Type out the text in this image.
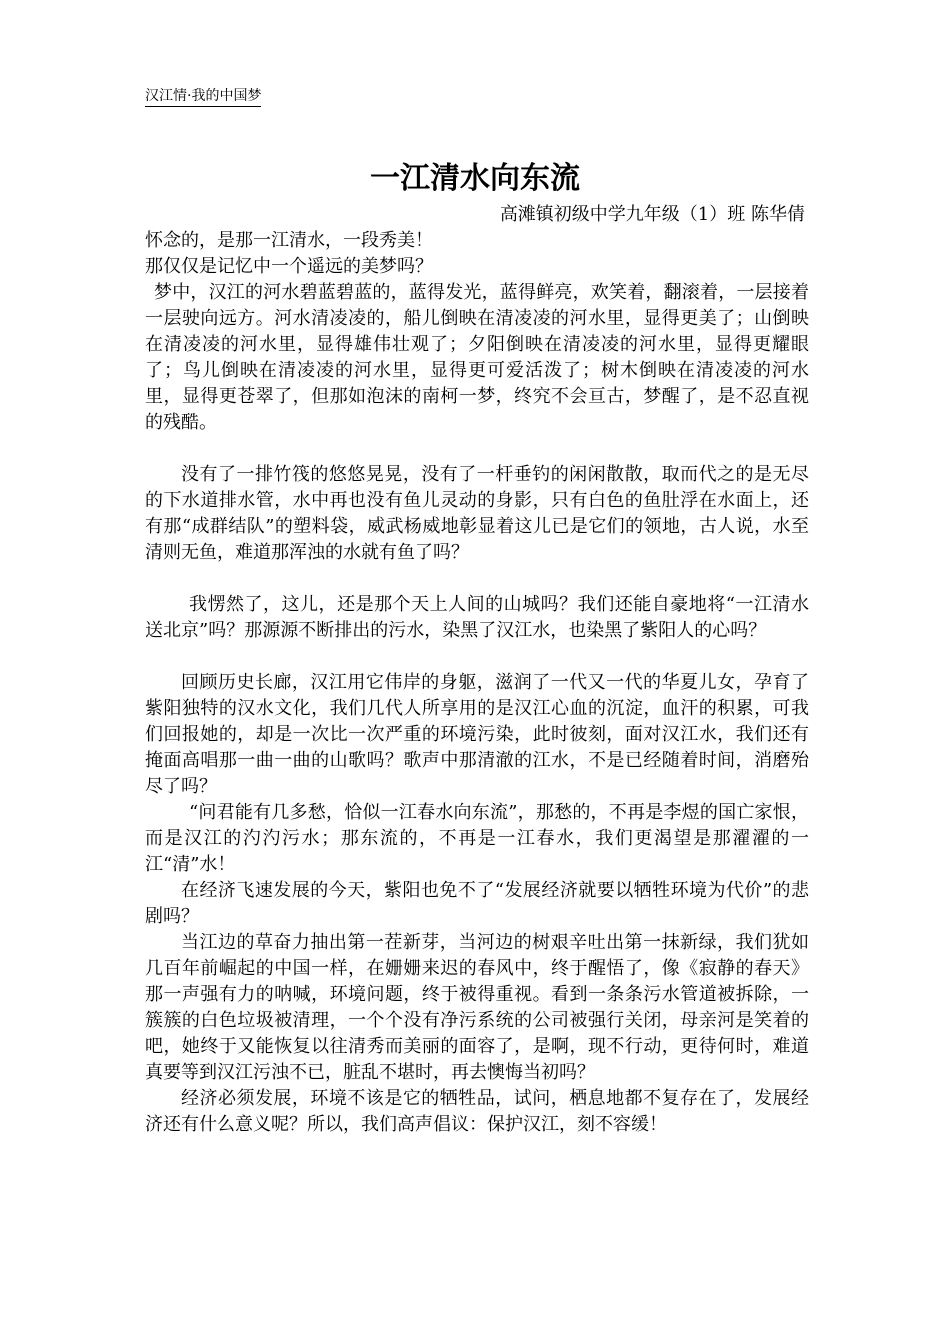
汉江情·我的中国梦
一江清水向东流
高滩镇初级中学九年级（1）班 陈华倩

怀念的，是那一江清水，一段秀美！

那仅仅是记忆中一个遥远的美梦吗？

梦中，汉江的河水碧蓝碧蓝的，蓝得发光，蓝得鲜亮，欢笑着，翻滚着，一层接着一层驶向远方。河水清凌凌的，船儿倒映在清凌凌的河水里，显得更美了；山倒映在清凌凌的河水里，显得雄伟壮观了；夕阳倒映在清凌凌的河水里，显得更耀眼了；鸟儿倒映在清凌凌的河水里，显得更可爱活泼了；树木倒映在清凌凌的河水里，显得更苍翠了，但那如泡沫的南柯一梦，终究不会亘古，梦醒了，是不忍直视的残酷。

没有了一排竹筏的悠悠晃晃，没有了一杆垂钓的闲闲散散，取而代之的是无尽的下水道排水管，水中再也没有鱼儿灵动的身影，只有白色的鱼肚浮在水面上，还有那“成群结队”的塑料袋，威武杨威地彰显着这儿已是它们的领地，古人说，水至清则无鱼，难道那浑浊的水就有鱼了吗？

我愣然了，这儿，还是那个天上人间的山城吗？我们还能自豪地将“一江清水送北京”吗？那源源不断排出的污水，染黑了汉江水，也染黑了紫阳人的心吗？

回顾历史长廊，汉江用它伟岸的身躯，滋润了一代又一代的华夏儿女，孕育了紫阳独特的汉水文化，我们几代人所享用的是汉江心血的沉淀，血汗的积累，可我们回报她的，却是一次比一次严重的环境污染，此时彼刻，面对汉江水，我们还有掩面高唱那一曲一曲的山歌吗？歌声中那清澈的江水，不是已经随着时间，消磨殆尽了吗？

“问君能有几多愁，恰似一江春水向东流”，那愁的，不再是李煜的国亡家恨，而是汉江的汋汋污水；那东流的，不再是一江春水，我们更渴望是那濯濯的一江“清”水！

在经济飞速发展的今天，紫阳也免不了“发展经济就要以牺牲环境为代价”的悲剧吗？

当江边的草奋力抽出第一茬新芽，当河边的树艰辛吐出第一抹新绿，我们犹如几百年前崛起的中国一样，在姗姗来迟的春风中，终于醒悟了，像《寂静的春天》那一声强有力的呐喊，环境问题，终于被得重视。看到一条条污水管道被拆除，一簇簇的白色垃圾被清理，一个个没有净污系统的公司被强行关闭，母亲河是笑着的吧，她终于又能恢复以往清秀而美丽的面容了，是啊，现不行动，更待何时，难道真要等到汉江污浊不已，脏乱不堪时，再去懊悔当初吗？

经济必须发展，环境不该是它的牺牲品，试问，栖息地都不复存在了，发展经济还有什么意义呢？所以，我们高声倡议：保护汉江，刻不容缓！
